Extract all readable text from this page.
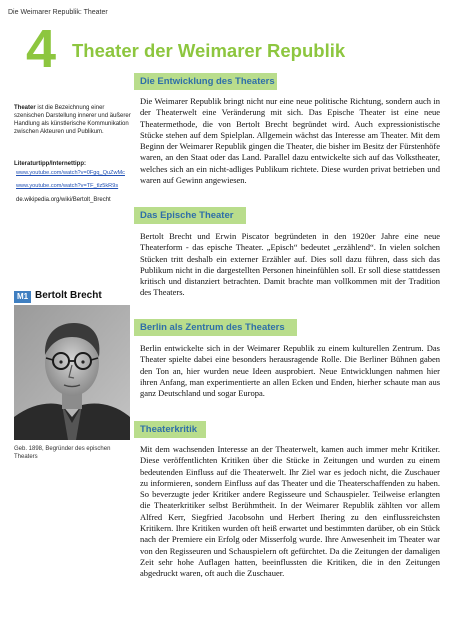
Die Weimarer Republik: Theater
4 Theater der Weimarer Republik
Theater ist die Bezeichnung einer szenischen Darstellung innerer und äußerer Handlung als künstlerische Kommunikation zwischen Akteuren und Publikum.
Literaturtipp/Internettipp:
www.youtube.com/watch?v=0Fgq_QuZwMc
www.youtube.com/watch?v=TF_tlz5kR9s
de.wikipedia.org/wiki/Bertolt_Brecht
M1 Bertolt Brecht
Geb. 1898, Begründer des epischen Theaters
Die Entwicklung des Theaters
Die Weimarer Republik bringt nicht nur eine neue politische Richtung, sondern auch in der Theaterwelt eine Veränderung mit sich. Das Epische Theater ist eine neue Theatermethode, die von Bertolt Brecht begründet wird. Auch expressionistische Stücke stehen auf dem Spielplan. Allgemein wächst das Interesse am Theater. Mit dem Beginn der Weimarer Republik gingen die Theater, die bisher im Besitz der Fürstenhöfe waren, an den Staat oder das Land. Parallel dazu entwickelte sich auf das Volkstheater, welches sich an ein nicht-adliges Publikum richtete. Diese wurden privat betrieben und waren auf Gewinn angewiesen.
Das Epische Theater
Bertolt Brecht und Erwin Piscator begründeten in den 1920er Jahre eine neue Theaterform - das epische Theater. „Episch“ bedeutet „erzählend“. In vielen solchen Stücken tritt deshalb ein externer Erzähler auf. Dies soll dazu führen, dass sich das Publikum nicht in die dargestellten Personen hineinfühlen soll. Er soll diese stattdessen kritisch und distanziert betrachten. Damit brachte man vollkommen mit der Tradition des Theaters.
Berlin als Zentrum des Theaters
Berlin entwickelte sich in der Weimarer Republik zu einem kulturellen Zentrum. Das Theater spielte dabei eine besonders herausragende Rolle. Die Berliner Bühnen gaben den Ton an, hier wurden neue Ideen ausprobiert. Neue Entwicklungen nahmen hier ihren Anfang, man experimentierte an allen Ecken und Enden, hierher schaute man aus ganz Deutschland und sogar Europa.
Theaterkritik
Mit dem wachsenden Interesse an der Theaterwelt, kamen auch immer mehr Kritiker. Diese veröffentlichten Kritiken über die Stücke in Zeitungen und wurden zu einem bedeutenden Einfluss auf die Theaterwelt. Ihr Ziel war es jedoch nicht, die Zuschauer zu informieren, sondern Einfluss auf das Theater und die Theaterschaffenden zu haben. So beverzugte jeder Kritiker andere Regisseure und Schauspieler. Teilweise erlangten die Theaterkritiker selbst Berühmtheit. In der Weimarer Republik zählten vor allem Alfred Kerr, Siegfried Jacobsohn und Herbert Ihering zu den einflussreichsten Kritikern. Ihre Kritiken wurden oft heiß erwartet und bestimmten darüber, ob ein Stück nach der Premiere ein Erfolg oder Misserfolg wurde. Ihre Anwesenheit im Theater war von den Regisseuren und Schauspielern oft gefürchtet. Da die Zeitungen der damaligen Zeit sehr hohe Auflagen hatten, beeinflussten die Kritiken, die in den Zeitungen abgedruckt waren, oft auch die Zuschauer.
